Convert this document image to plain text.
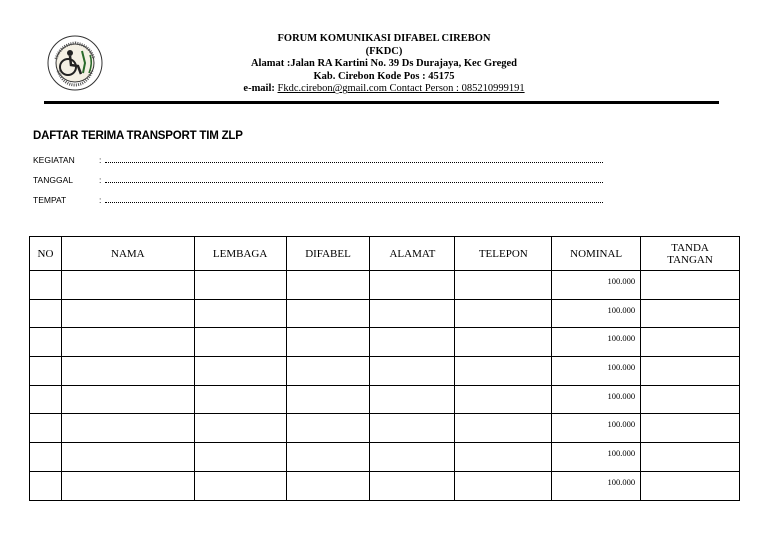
FORUM KOMUNIKASI DIFABEL CIREBON
(FKDC)
Alamat :Jalan RA Kartini No. 39 Ds Durajaya, Kec Greged
Kab. Cirebon Kode Pos : 45175
e-mail: Fkdc.cirebon@gmail.com Contact Person : 085210999191
DAFTAR TERIMA TRANSPORT TIM ZLP
KEGIATAN	:
TANGGAL	:
TEMPAT	:
NO	NAMA	LEMBAGA	DIFABEL	ALAMAT	TELEPON	NOMINAL	TANDA
TANGAN
						100.000	
						100.000	
						100.000	
						100.000	
						100.000	
						100.000	
						100.000	
						100.000	
